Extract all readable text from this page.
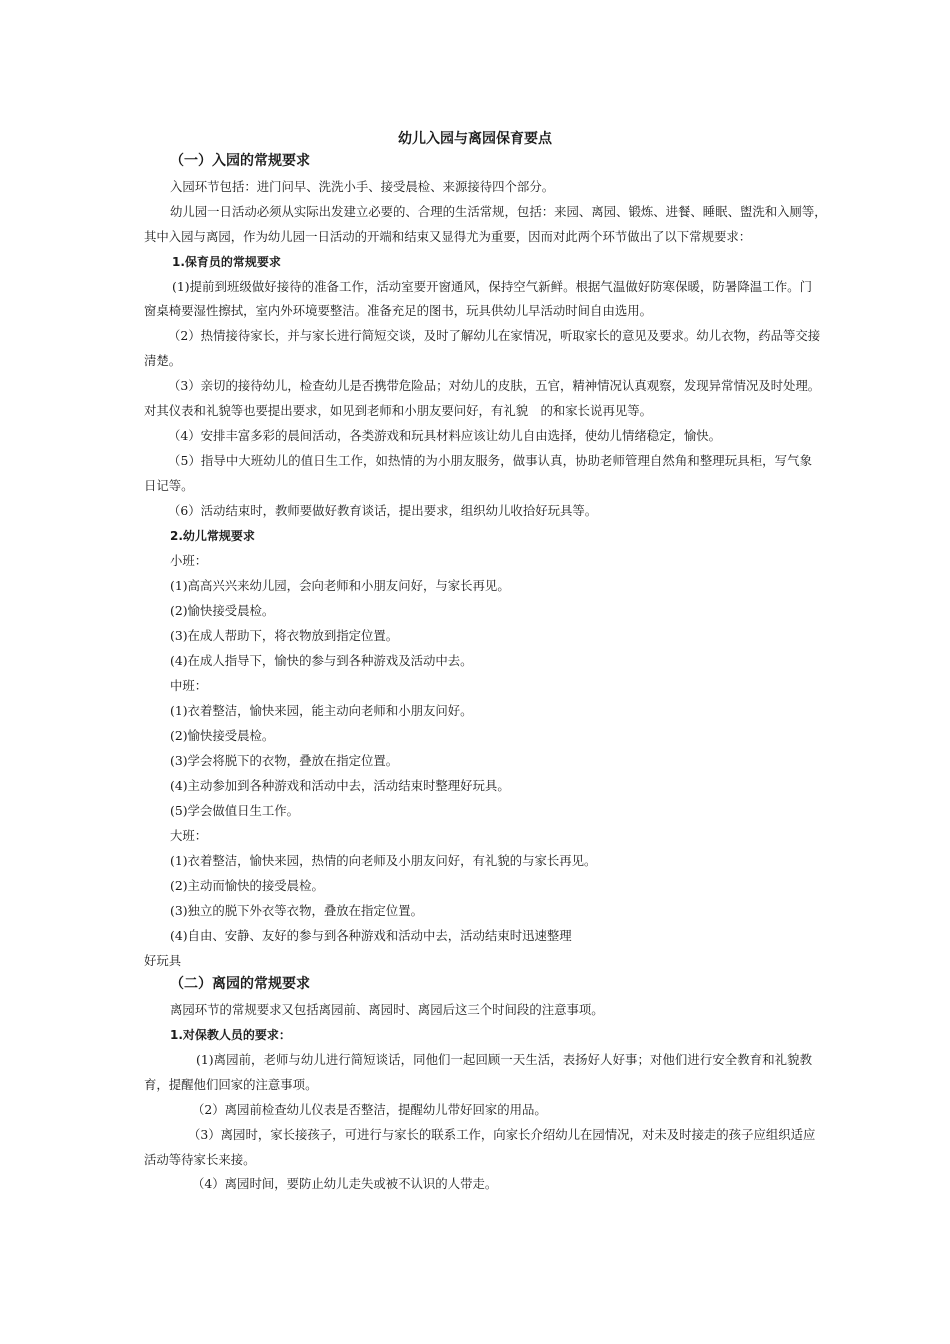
幼儿入园与离园保育要点
（一）入园的常规要求
入园环节包括：进门问早、洗洗小手、接受晨检、来源接待四个部分。
幼儿园一日活动必须从实际出发建立必要的、合理的生活常规，包括：来园、离园、锻炼、进餐、睡眠、盥洗和入厕等，
其中入园与离园，作为幼儿园一日活动的开端和结束又显得尤为重要，因而对此两个环节做出了以下常规要求：
1.保育员的常规要求
(1)提前到班级做好接待的准备工作，活动室要开窗通风，保持空气新鲜。根据气温做好防寒保暖，防暑降温工作。门
窗桌椅要湿性擦拭，室内外环境要整洁。准备充足的图书，玩具供幼儿早活动时间自由选用。
（2）热情接待家长，并与家长进行简短交谈，及时了解幼儿在家情况，听取家长的意见及要求。幼儿衣物，药品等交接
清楚。
（3）亲切的接待幼儿，检查幼儿是否携带危险品；对幼儿的皮肤，五官，精神情况认真观察，发现异常情况及时处理。
对其仪表和礼貌等也要提出要求，如见到老师和小朋友要问好，有礼貌　的和家长说再见等。
（4）安排丰富多彩的晨间活动，各类游戏和玩具材料应该让幼儿自由选择，使幼儿情绪稳定，愉快。
（5）指导中大班幼儿的值日生工作，如热情的为小朋友服务，做事认真，协助老师管理自然角和整理玩具柜，写气象
日记等。
（6）活动结束时，教师要做好教育谈话，提出要求，组织幼儿收拾好玩具等。
2.幼儿常规要求
小班：
(1)高高兴兴来幼儿园，会向老师和小朋友问好，与家长再见。
(2)愉快接受晨检。
(3)在成人帮助下，将衣物放到指定位置。
(4)在成人指导下，愉快的参与到各种游戏及活动中去。
中班：
(1)衣着整洁，愉快来园，能主动向老师和小朋友问好。
(2)愉快接受晨检。
(3)学会将脱下的衣物，叠放在指定位置。
(4)主动参加到各种游戏和活动中去，活动结束时整理好玩具。
(5)学会做值日生工作。
大班：
(1)衣着整洁，愉快来园，热情的向老师及小朋友问好，有礼貌的与家长再见。
(2)主动而愉快的接受晨检。
(3)独立的脱下外衣等衣物，叠放在指定位置。
(4)自由、安静、友好的参与到各种游戏和活动中去，活动结束时迅速整理
好玩具
（二）离园的常规要求
离园环节的常规要求又包括离园前、离园时、离园后这三个时间段的注意事项。
1.对保教人员的要求：
(1)离园前，老师与幼儿进行简短谈话，同他们一起回顾一天生活，表扬好人好事；对他们进行安全教育和礼貌教
育，提醒他们回家的注意事项。
（2）离园前检查幼儿仪表是否整洁，提醒幼儿带好回家的用品。
（3）离园时，家长接孩子，可进行与家长的联系工作，向家长介绍幼儿在园情况，对未及时接走的孩子应组织适应
活动等待家长来接。
（4）离园时间，要防止幼儿走失或被不认识的人带走。
